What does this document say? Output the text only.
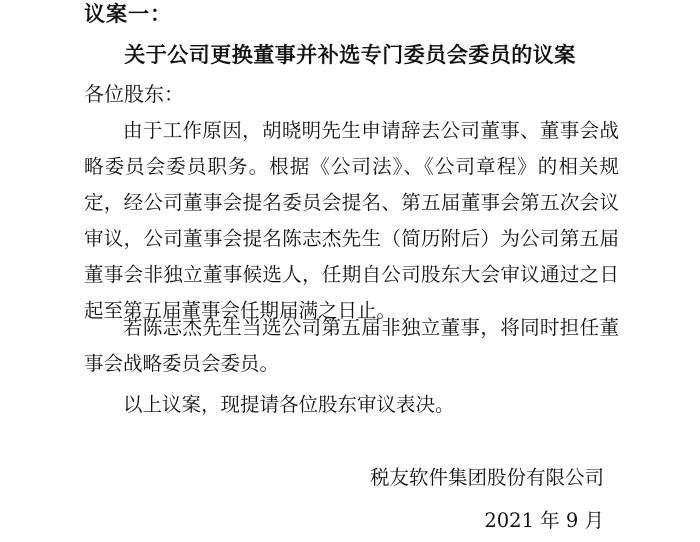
议案一：
关于公司更换董事并补选专门委员会委员的议案
各位股东：

由于工作原因，胡晓明先生申请辞去公司董事、董事会战略委员会委员职务。根据《公司法》、《公司章程》的相关规定，经公司董事会提名委员会提名、第五届董事会第五次会议审议，公司董事会提名陈志杰先生（简历附后）为公司第五届董事会非独立董事候选人，任期自公司股东大会审议通过之日起至第五届董事会任期届满之日止。

若陈志杰先生当选公司第五届非独立董事，将同时担任董事会战略委员会委员。

以上议案，现提请各位股东审议表决。

税友软件集团股份有限公司
2021 年 9 月
